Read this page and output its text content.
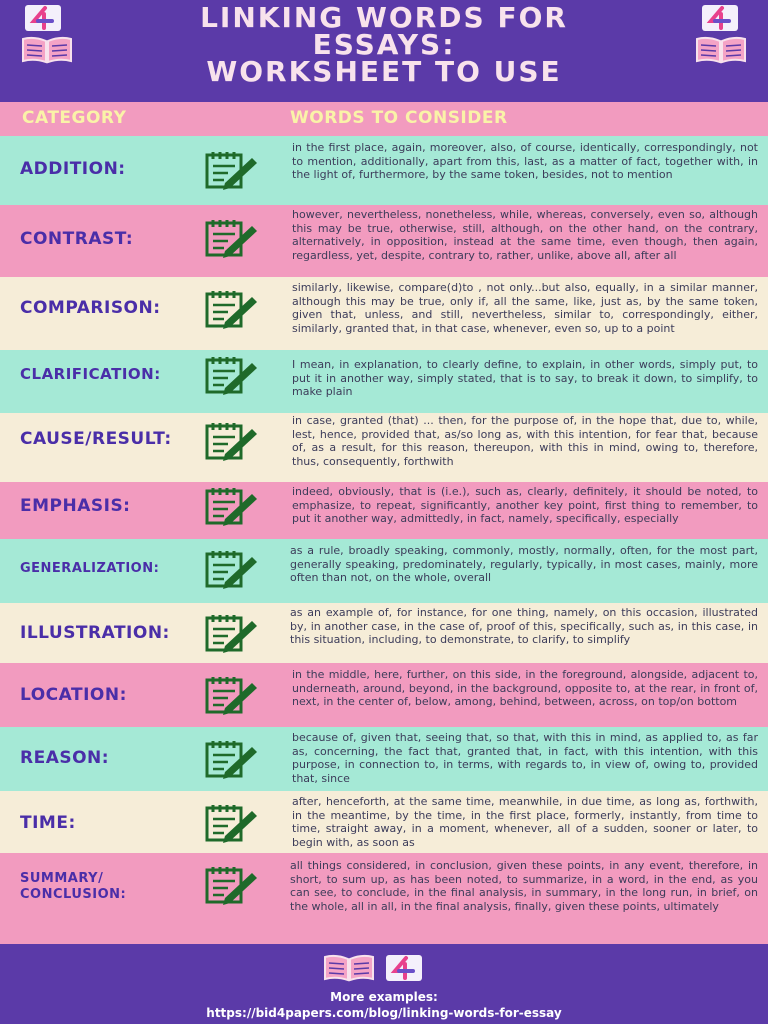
LINKING WORDS FOR
ESSAYS:
WORKSHEET TO USE
CATEGORY	WORDS TO CONSIDER
ADDITION:
in the first place, again, moreover, also, of course, identically, correspondingly, not to mention, additionally, apart from this, last, as a matter of fact, together with, in the light of, furthermore, by the same token, besides, not to mention
CONTRAST:
however, nevertheless, nonetheless, while, whereas, conversely, even so, although this may be true, otherwise, still, although, on the other hand, on the contrary, alternatively, in opposition, instead at the same time, even though, then again, regardless, yet, despite, contrary to, rather, unlike, above all, after all
COMPARISON:
similarly, likewise, compare(d)to , not only...but also, equally, in a similar manner, although this may be true, only if, all the same, like, just as, by the same token, given that, unless, and still, nevertheless, similar to, correspondingly, either, similarly, granted that, in that case, whenever, even so, up to a point
CLARIFICATION:
I mean, in explanation, to clearly define, to explain, in other words, simply put, to put it in another way, simply stated, that is to say, to break it down, to simplify, to make plain
CAUSE/RESULT:
in case, granted (that) ... then, for the purpose of, in the hope that, due to, while, lest, hence, provided that, as/so long as, with this intention, for fear that, because of, as a result, for this reason, thereupon, with this in mind, owing to, therefore, thus, consequently, forthwith
EMPHASIS:
indeed, obviously, that is (i.e.), such as, clearly, definitely, it should be noted, to emphasize, to repeat, significantly, another key point, first thing to remember, to put it another way, admittedly, in fact, namely, specifically, especially
GENERALIZATION:
as a rule, broadly speaking, commonly, mostly, normally, often, for the most part, generally speaking, predominately, regularly, typically, in most cases, mainly, more often than not, on the whole, overall
ILLUSTRATION:
as an example of, for instance, for one thing, namely, on this occasion, illustrated by, in another case, in the case of, proof of this, specifically, such as, in this case, in this situation, including, to demonstrate, to clarify, to simplify
LOCATION:
in the middle, here, further, on this side, in the foreground, alongside, adjacent to, underneath, around, beyond, in the background, opposite to, at the rear, in front of, next, in the center of, below, among, behind, between, across, on top/on bottom
REASON:
because of, given that, seeing that, so that, with this in mind, as applied to, as far as, concerning, the fact that, granted that, in fact, with this intention, with this purpose, in connection to, in terms, with regards to, in view of, owing to, provided that, since
TIME:
after, henceforth, at the same time, meanwhile, in due time, as long as, forthwith, in the meantime, by the time, in the first place, formerly, instantly, from time to time, straight away, in a moment, whenever, all of a sudden, sooner or later, to begin with, as soon as
SUMMARY/
CONCLUSION:
all things considered, in conclusion, given these points, in any event, therefore, in short, to sum up, as has been noted, to summarize, in a word, in the end, as you can see, to conclude, in the final analysis, in summary, in the long run, in brief, on the whole, all in all, in the final analysis, finally, given these points, ultimately
More examples:
https://bid4papers.com/blog/linking-words-for-essay
